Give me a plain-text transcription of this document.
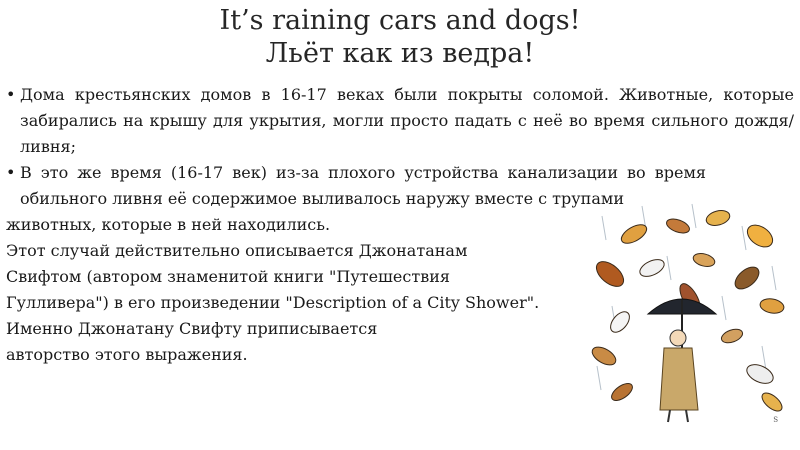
It’s raining cars and dogs!
Льёт как из ведра!
• Дома крестьянских домов в 16-17 веках были покрыты соломой. Животные, которые забирались на крышу для укрытия, могли просто падать с неё во время сильного дождя/ливня;
• В это же время (16-17 век) из-за плохого устройства канализации во время обильного ливня её содержимое выливалось наружу вместе с трупами
животных, которые в ней находились.
Этот случай действительно описывается Джонатанам
Свифтом (автором знаменитой книги "Путешествия
Гулливера") в его произведении "Description of a City Shower".
Именно Джонатану Свифту приписывается
авторство этого выражения.
S
